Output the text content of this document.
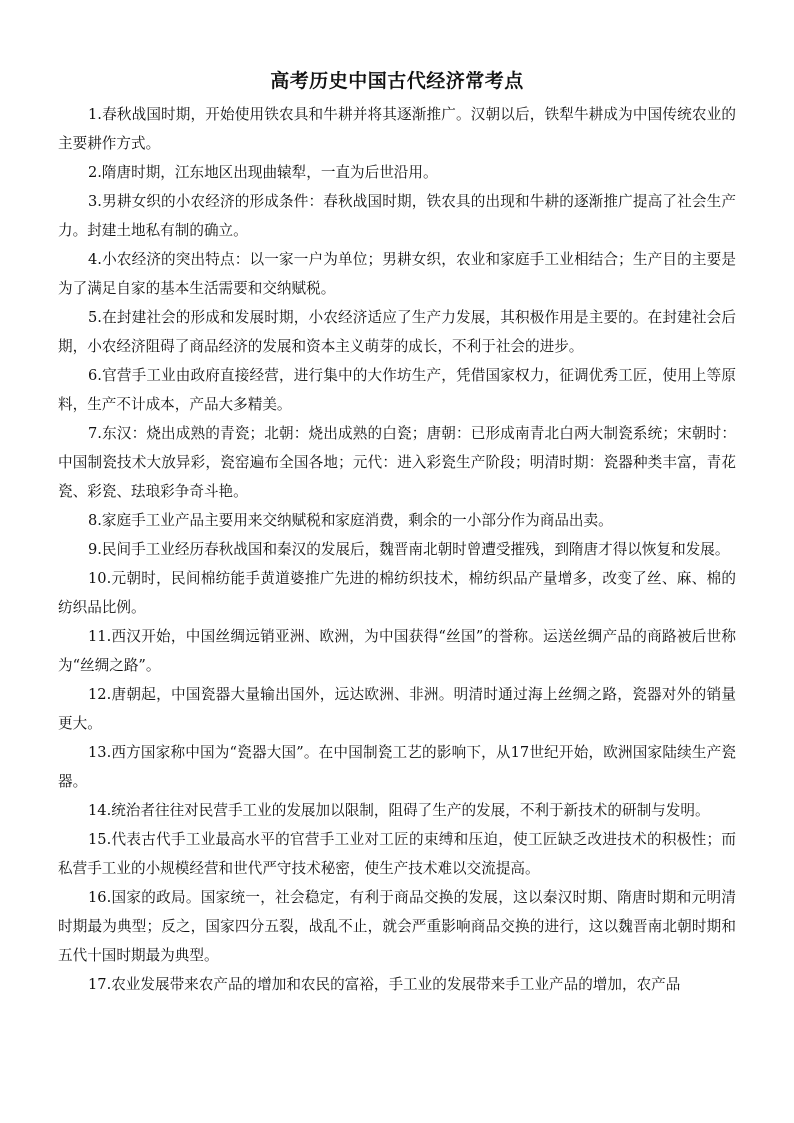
高考历史中国古代经济常考点

1.春秋战国时期，开始使用铁农具和牛耕并将其逐渐推广。汉朝以后，铁犁牛耕成为中国传统农业的主要耕作方式。

2.隋唐时期，江东地区出现曲辕犁，一直为后世沿用。

3.男耕女织的小农经济的形成条件：春秋战国时期，铁农具的出现和牛耕的逐渐推广提高了社会生产力。封建土地私有制的确立。

4.小农经济的突出特点：以一家一户为单位；男耕女织，农业和家庭手工业相结合；生产目的主要是为了满足自家的基本生活需要和交纳赋税。

5.在封建社会的形成和发展时期，小农经济适应了生产力发展，其积极作用是主要的。在封建社会后期，小农经济阻碍了商品经济的发展和资本主义萌芽的成长，不利于社会的进步。

6.官营手工业由政府直接经营，进行集中的大作坊生产，凭借国家权力，征调优秀工匠，使用上等原料，生产不计成本，产品大多精美。

7.东汉：烧出成熟的青瓷；北朝：烧出成熟的白瓷；唐朝：已形成南青北白两大制瓷系统；宋朝时：中国制瓷技术大放异彩，瓷窑遍布全国各地；元代：进入彩瓷生产阶段；明清时期：瓷器种类丰富，青花瓷、彩瓷、珐琅彩争奇斗艳。

8.家庭手工业产品主要用来交纳赋税和家庭消费，剩余的一小部分作为商品出卖。

9.民间手工业经历春秋战国和秦汉的发展后，魏晋南北朝时曾遭受摧残，到隋唐才得以恢复和发展。

10.元朝时，民间棉纺能手黄道婆推广先进的棉纺织技术，棉纺织品产量增多，改变了丝、麻、棉的纺织品比例。

11.西汉开始，中国丝绸远销亚洲、欧洲，为中国获得“丝国”的誉称。运送丝绸产品的商路被后世称为“丝绸之路”。

12.唐朝起，中国瓷器大量输出国外，远达欧洲、非洲。明清时通过海上丝绸之路，瓷器对外的销量更大。

13.西方国家称中国为“瓷器大国”。在中国制瓷工艺的影响下，从17世纪开始，欧洲国家陆续生产瓷器。

14.统治者往往对民营手工业的发展加以限制，阻碍了生产的发展，不利于新技术的研制与发明。

15.代表古代手工业最高水平的官营手工业对工匠的束缚和压迫，使工匠缺乏改进技术的积极性；而私营手工业的小规模经营和世代严守技术秘密，使生产技术难以交流提高。

16.国家的政局。国家统一，社会稳定，有利于商品交换的发展，这以秦汉时期、隋唐时期和元明清时期最为典型；反之，国家四分五裂，战乱不止，就会严重影响商品交换的进行，这以魏晋南北朝时期和五代十国时期最为典型。

17.农业发展带来农产品的增加和农民的富裕，手工业的发展带来手工业产品的增加，农产品
